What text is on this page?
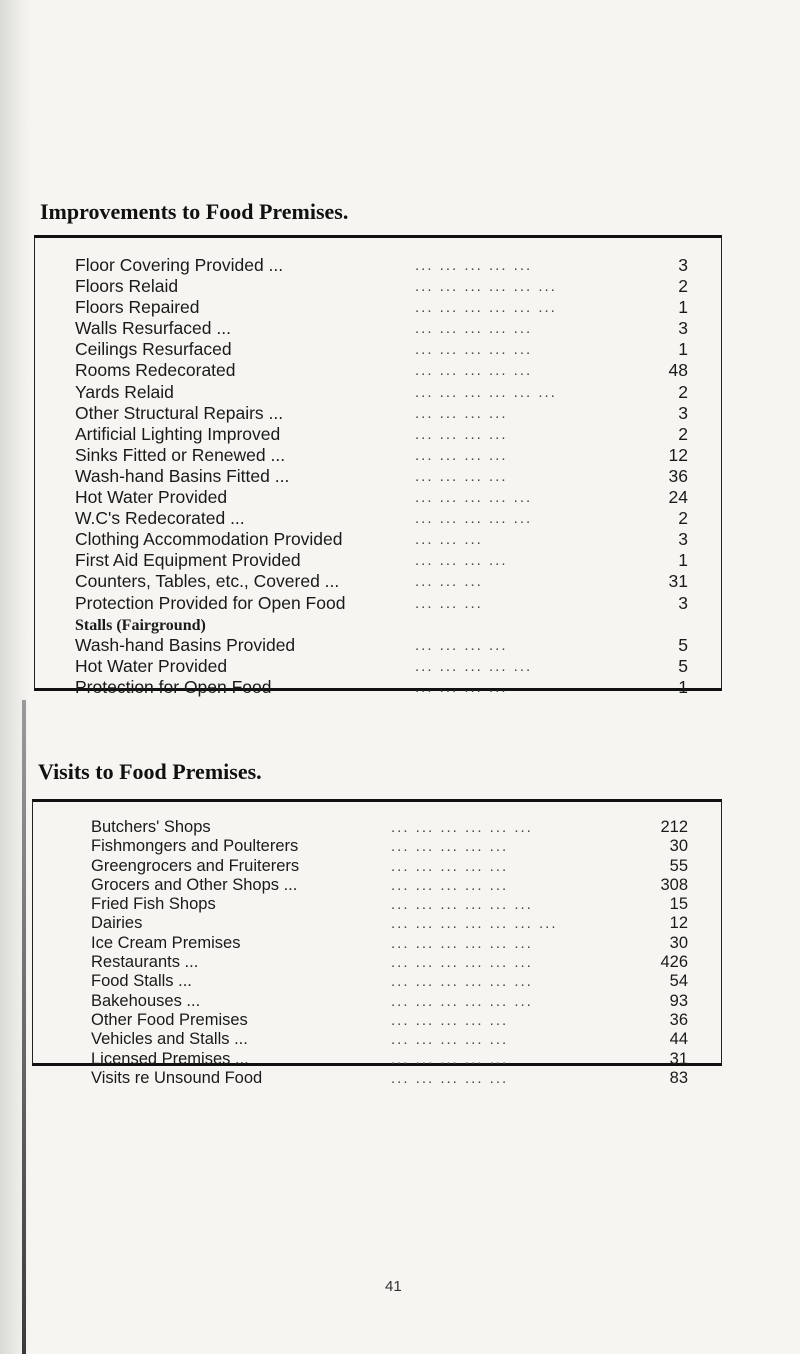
Improvements to Food Premises.
Floor Covering Provided ...	... ... ... ... ...	3
Floors Relaid	... ... ... ... ... ...	2
Floors Repaired	... ... ... ... ... ...	1
Walls Resurfaced ...	... ... ... ... ...	3
Ceilings Resurfaced	... ... ... ... ...	1
Rooms Redecorated	... ... ... ... ...	48
Yards Relaid	... ... ... ... ... ...	2
Other Structural Repairs ...	... ... ... ...	3
Artificial Lighting Improved	... ... ... ...	2
Sinks Fitted or Renewed ...	... ... ... ...	12
Wash-hand Basins Fitted ...	... ... ... ...	36
Hot Water Provided	... ... ... ... ...	24
W.C's Redecorated ...	... ... ... ... ...	2
Clothing Accommodation Provided	... ... ...	3
First Aid Equipment Provided	... ... ... ...	1
Counters, Tables, etc., Covered ...	... ... ...	31
Protection Provided for Open Food	... ... ...	3
Stalls (Fairground)
Wash-hand Basins Provided	... ... ... ...	5
Hot Water Provided	... ... ... ... ...	5
Protection for Open Food	... ... ... ...	1
Visits to Food Premises.
Butchers' Shops	... ... ... ... ... ...	212
Fishmongers and Poulterers	... ... ... ... ...	30
Greengrocers and Fruiterers	... ... ... ... ...	55
Grocers and Other Shops ...	... ... ... ... ...	308
Fried Fish Shops	... ... ... ... ... ...	15
Dairies	... ... ... ... ... ... ...	12
Ice Cream Premises	... ... ... ... ... ...	30
Restaurants ...	... ... ... ... ... ...	426
Food Stalls ...	... ... ... ... ... ...	54
Bakehouses ...	... ... ... ... ... ...	93
Other Food Premises	... ... ... ... ...	36
Vehicles and Stalls ...	... ... ... ... ...	44
Licensed Premises ...	... ... ... ... ...	31
Visits re Unsound Food	... ... ... ... ...	83
41
